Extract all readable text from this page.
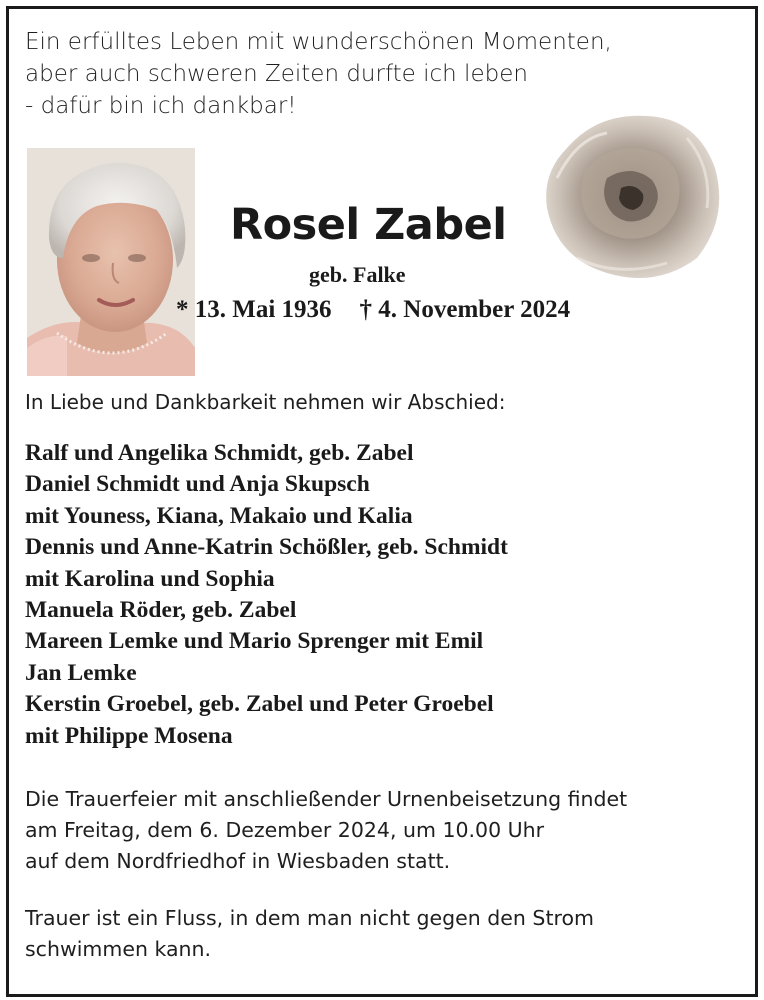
Ein erfülltes Leben mit wunderschönen Momenten,
aber auch schweren Zeiten durfte ich leben
- dafür bin ich dankbar!
Rosel Zabel
geb. Falke
* 13. Mai 1936 † 4. November 2024
In Liebe und Dankbarkeit nehmen wir Abschied:
Ralf und Angelika Schmidt, geb. Zabel
Daniel Schmidt und Anja Skupsch
mit Youness, Kiana, Makaio und Kalia
Dennis und Anne-Katrin Schößler, geb. Schmidt
mit Karolina und Sophia
Manuela Röder, geb. Zabel
Mareen Lemke und Mario Sprenger mit Emil
Jan Lemke
Kerstin Groebel, geb. Zabel und Peter Groebel
mit Philippe Mosena
Die Trauerfeier mit anschließender Urnenbeisetzung findet
am Freitag, dem 6. Dezember 2024, um 10.00 Uhr
auf dem Nordfriedhof in Wiesbaden statt.
Trauer ist ein Fluss, in dem man nicht gegen den Strom
schwimmen kann.
